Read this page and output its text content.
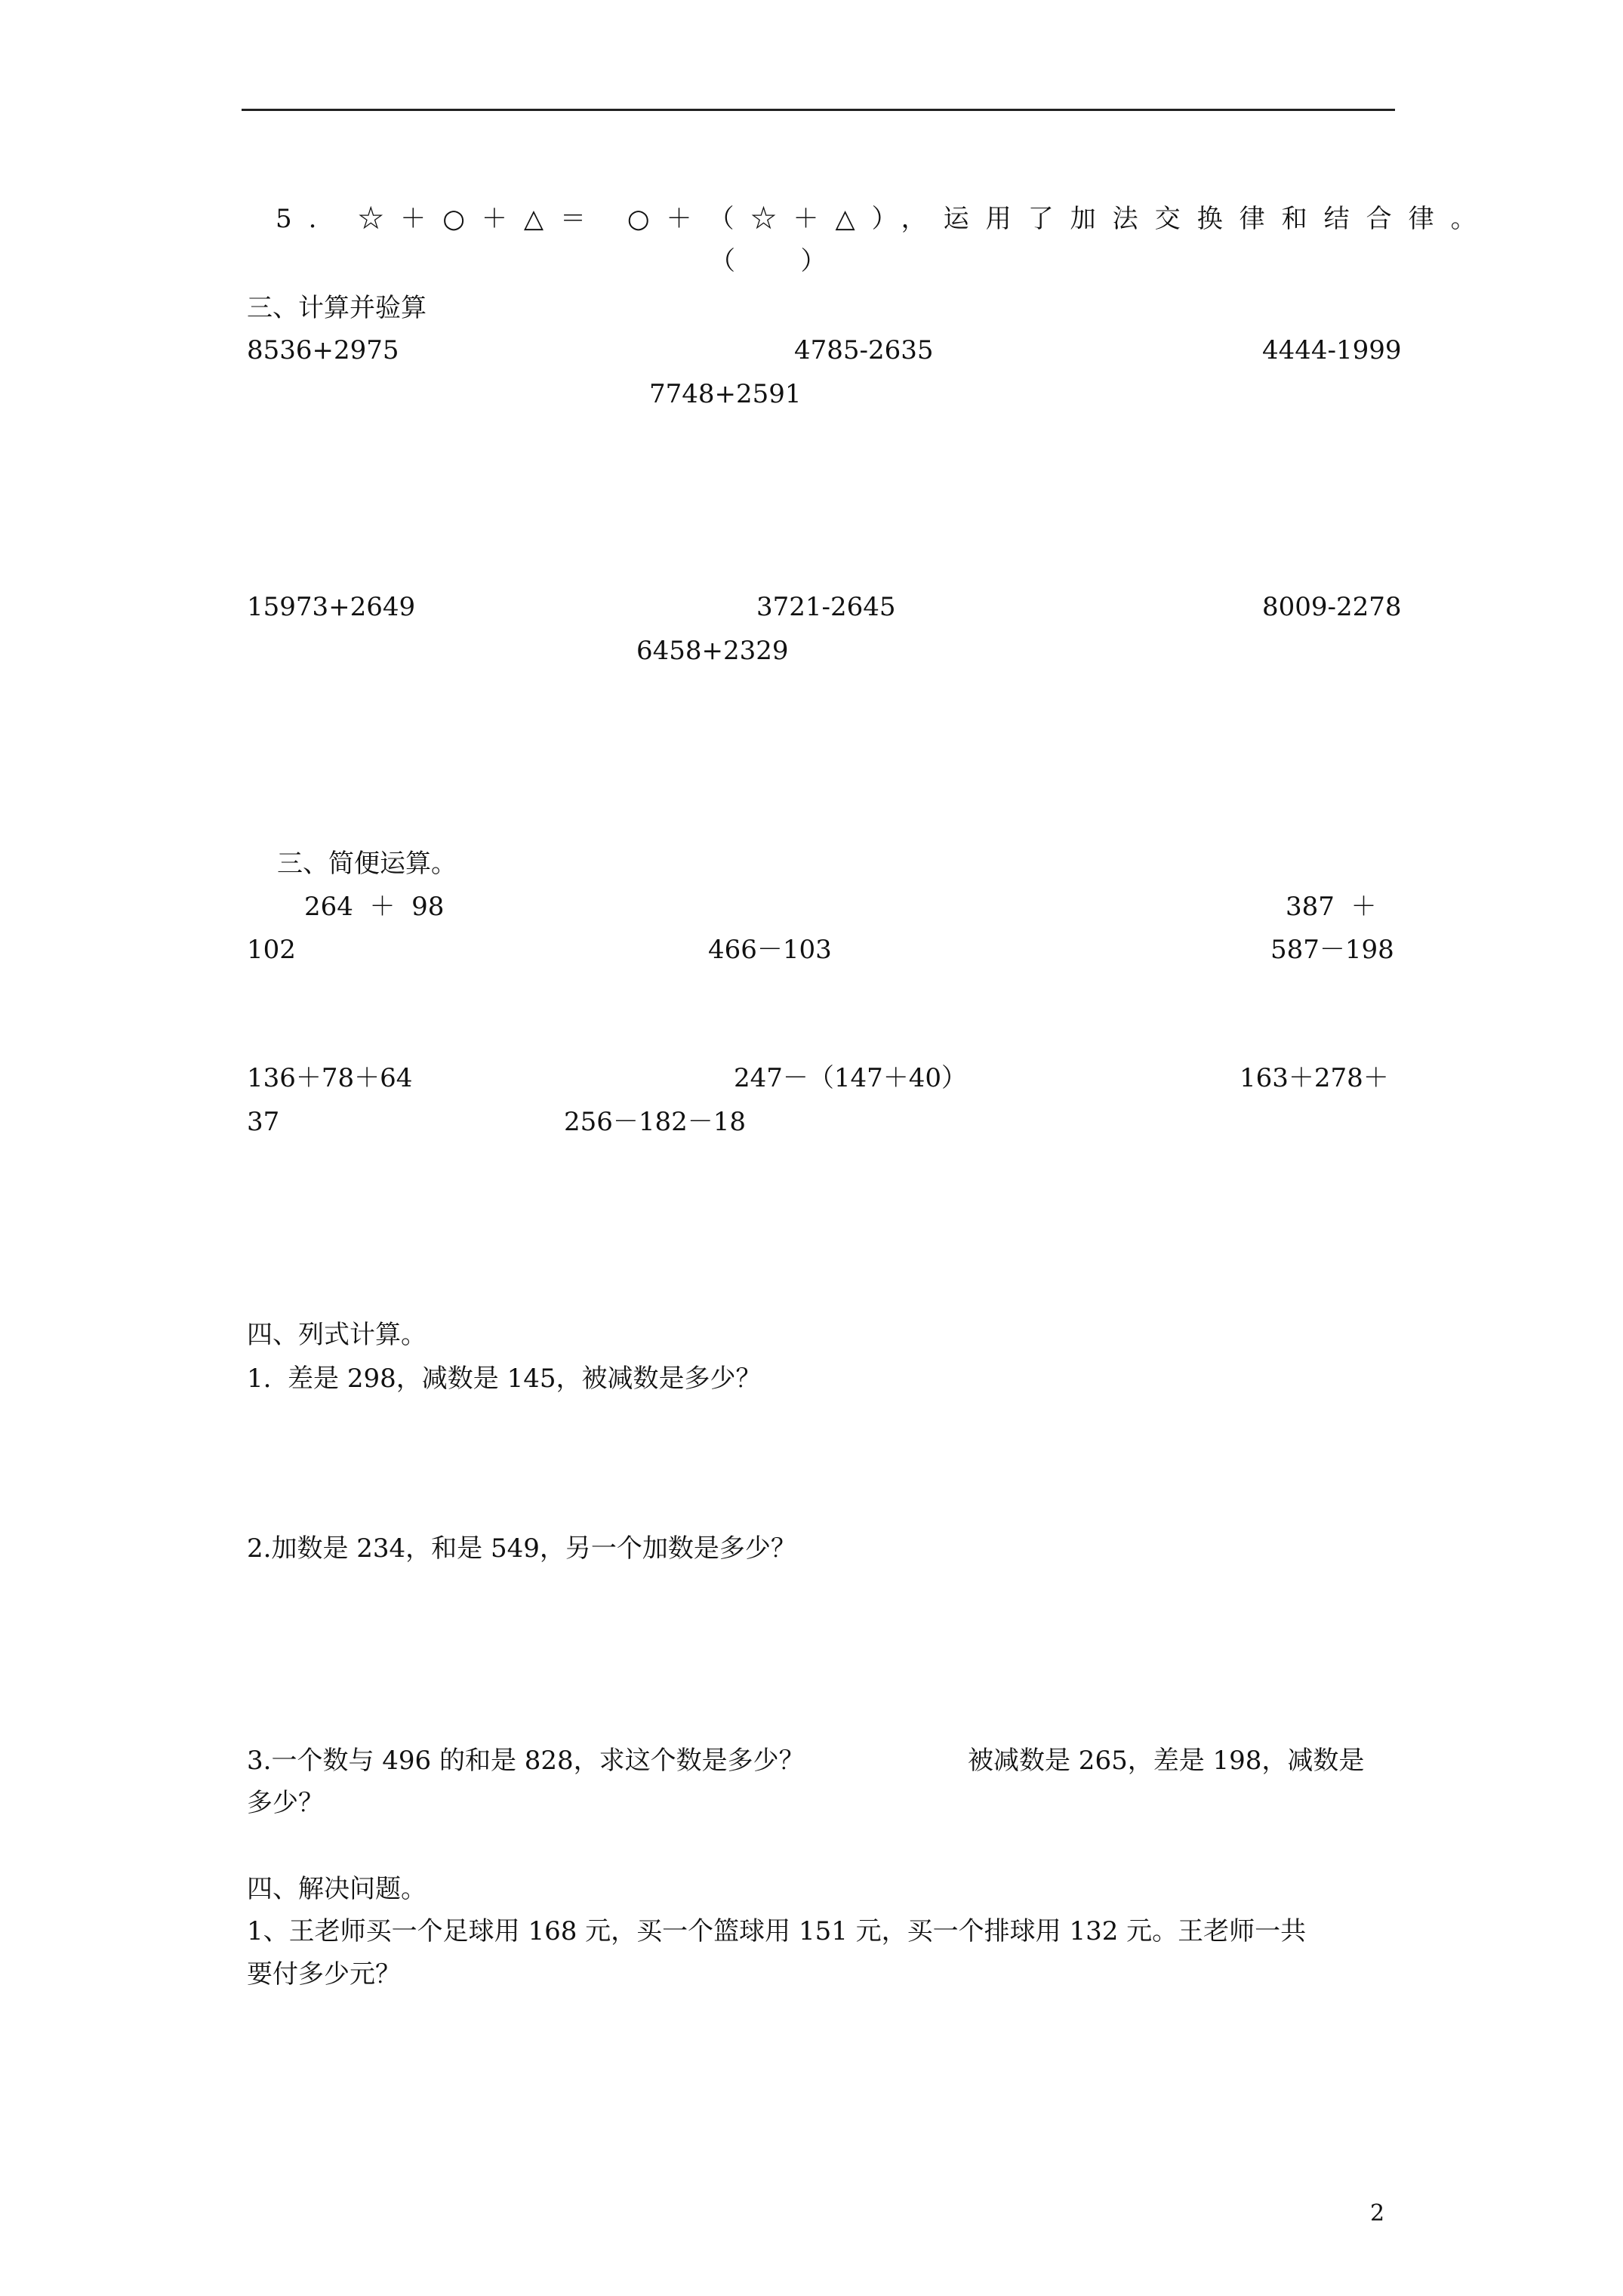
5. ☆＋○＋△＝ ○＋（☆＋△），运用了加法交换律和结合律。
（        ）
三、计算并验算
8536+2975	4785-2635	4444-1999
7748+2591
15973+2649	3721-2645	8009-2278
6458+2329
三、简便运算。
264  ＋  98	387  ＋
102	466－103	587－198
136＋78＋64	247－（147＋40）	163＋278＋
37	256－182－18
四、列式计算。
1.  差是 298，减数是 145，被减数是多少？
2.加数是 234，和是 549，另一个加数是多少？
3.一个数与 496 的和是 828，求这个数是多少？	被减数是 265，差是 198，减数是
多少？
四、解决问题。
1、王老师买一个足球用 168 元，买一个篮球用 151 元，买一个排球用 132 元。王老师一共
要付多少元？
2
